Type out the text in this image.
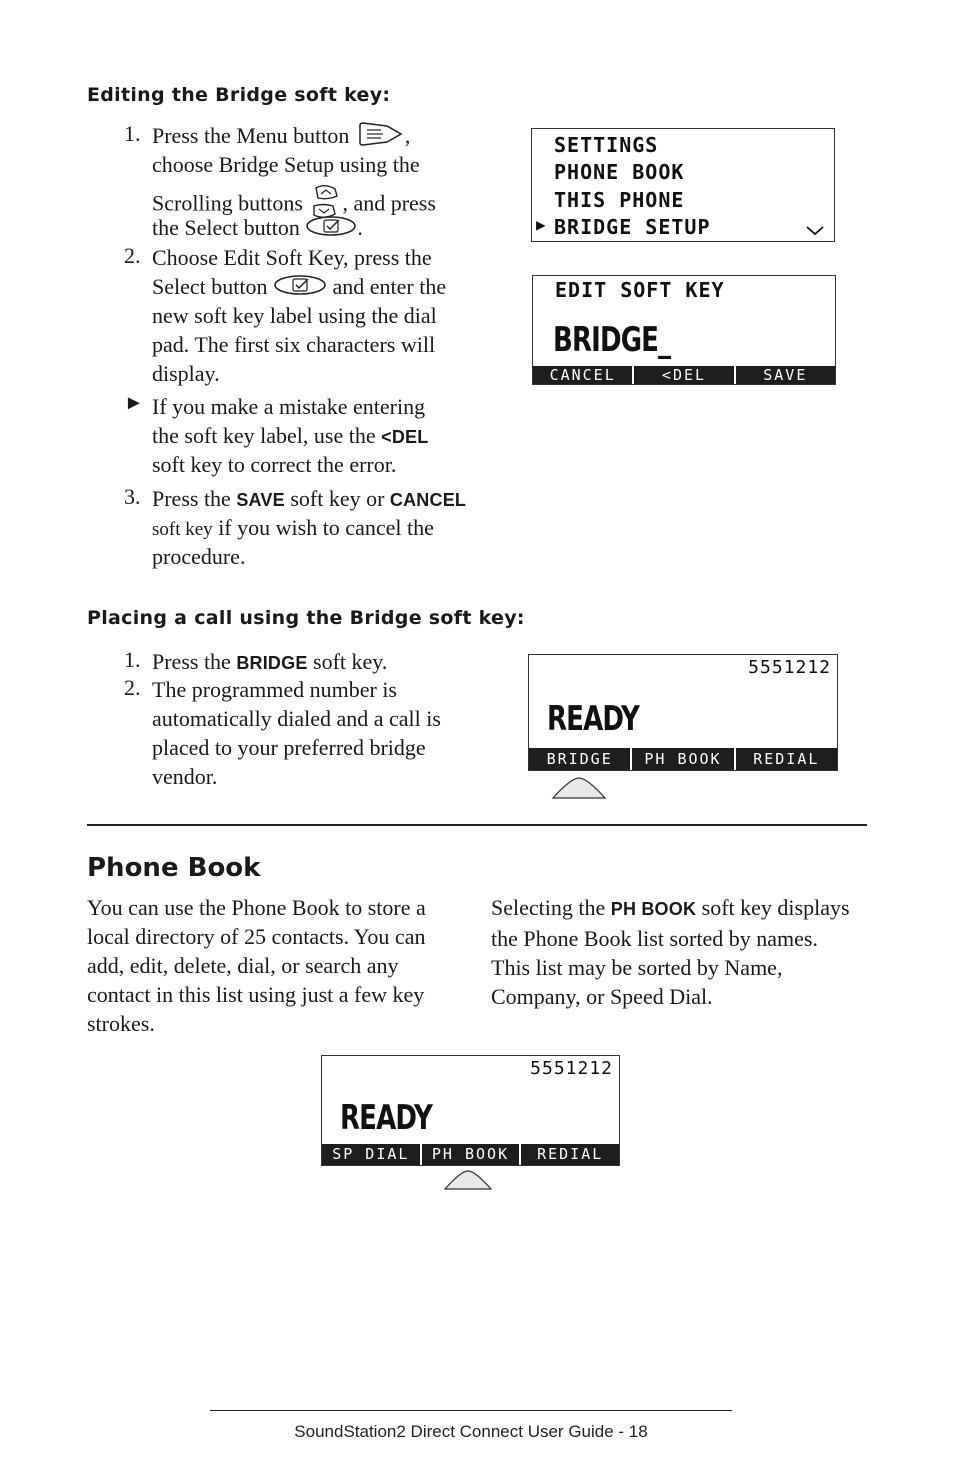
Editing the Bridge soft key:
1. Press the Menu button	,
choose Bridge Setup using the
Scrolling buttons , and press
the Select button	.
2. Choose Edit Soft Key, press the
Select button	and enter the
new soft key label using the dial
pad. The first six characters will
display.
► If you make a mistake entering
the soft key label, use the <DEL
soft key to correct the error.
3. Press the SAVE soft key or CANCEL
soft key if you wish to cancel the
procedure.
SETTINGS
PHONE BOOK
THIS PHONE
▶ BRIDGE SETUP
EDIT SOFT KEY
BRIDGE_
CANCEL	<DEL	SAVE
Placing a call using the Bridge soft key:
1. Press the BRIDGE soft key.
2. The programmed number is
automatically dialed and a call is
placed to your preferred bridge
vendor.
5551212
READY
BRIDGE	PH BOOK	REDIAL
Phone Book
You can use the Phone Book to store a
local directory of 25 contacts. You can
add, edit, delete, dial, or search any
contact in this list using just a few key
strokes.
Selecting the PH BOOK soft key displays
the Phone Book list sorted by names.
This list may be sorted by Name,
Company, or Speed Dial.
5551212
READY
SP DIAL	PH BOOK	REDIAL
SoundStation2 Direct Connect User Guide - 18
